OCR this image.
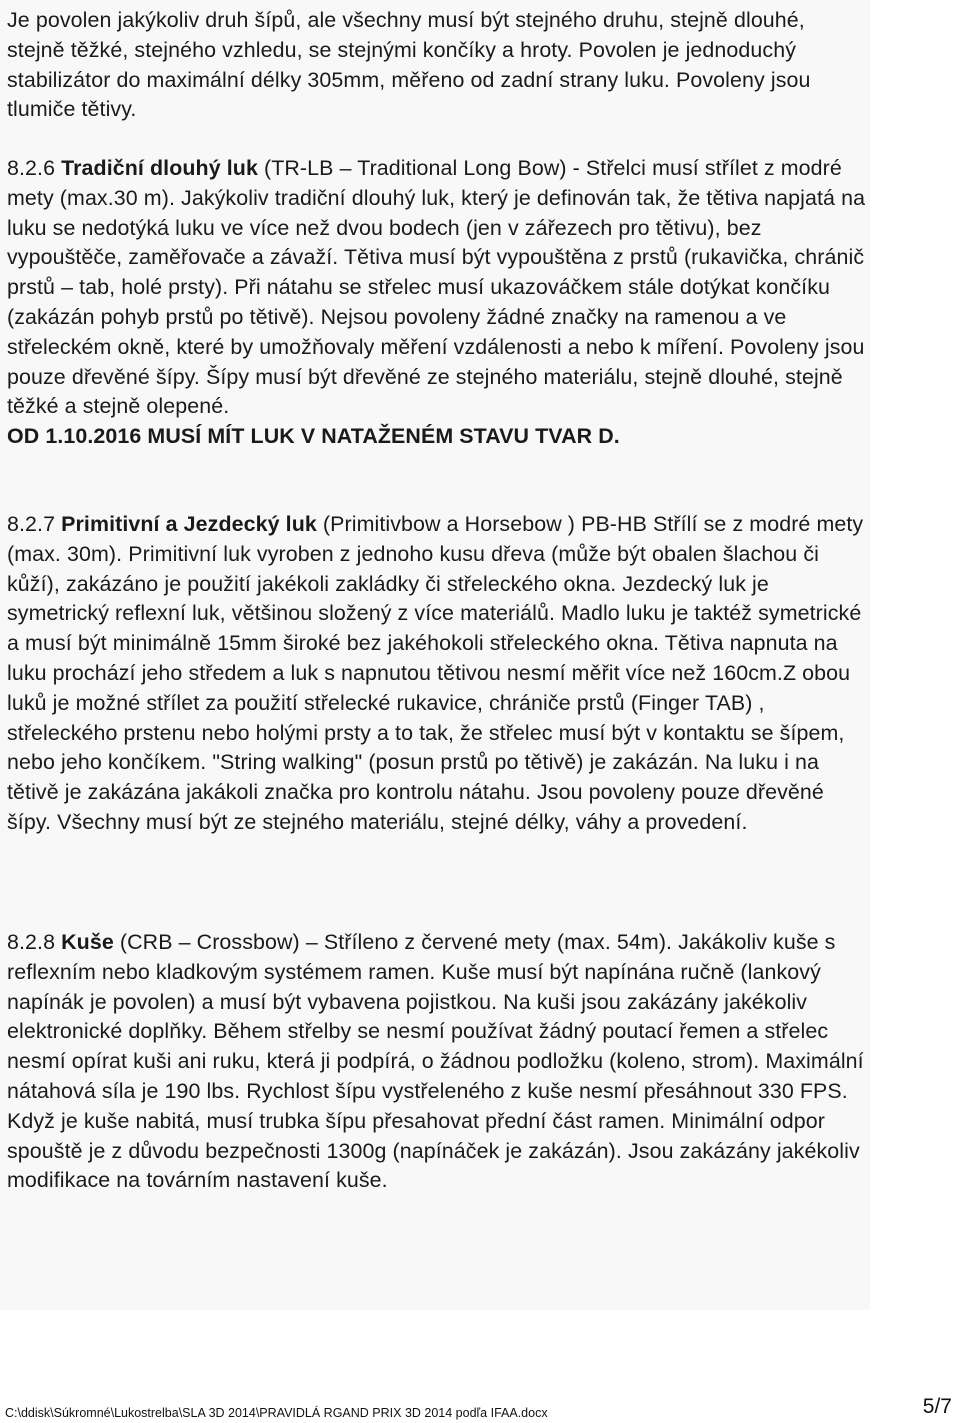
Je povolen jakýkoliv druh šípů, ale všechny musí být stejného druhu, stejně dlouhé, stejně těžké, stejného vzhledu, se stejnými končíky a hroty. Povolen je jednoduchý stabilizátor do maximální délky 305mm, měřeno od zadní strany luku. Povoleny jsou tlumiče tětivy.
8.2.6 Tradiční dlouhý luk (TR-LB – Traditional Long Bow) - Střelci musí střílet z modré mety (max.30 m). Jakýkoliv tradiční dlouhý luk, který je definován tak, že tětiva napjatá na luku se nedotýká luku ve více než dvou bodech (jen v zářezech pro tětivu), bez vypouštěče, zaměřovače a závaží. Tětiva musí být vypouštěna z prstů (rukavička, chránič prstů – tab, holé prsty). Při nátahu se střelec musí ukazováčkem stále dotýkat končíku (zakázán pohyb prstů po tětivě). Nejsou povoleny žádné značky na ramenou a ve střeleckém okně, které by umožňovaly měření vzdálenosti a nebo k míření. Povoleny jsou pouze dřevěné šípy. Šípy musí být dřevěné ze stejného materiálu, stejně dlouhé, stejně těžké a stejně olepené.
OD 1.10.2016 MUSÍ MÍT LUK V NATAŽENÉM STAVU TVAR D.
8.2.7 Primitivní a Jezdecký luk (Primitivbow a Horsebow ) PB-HB Střílí se z modré mety (max. 30m). Primitivní luk vyroben z jednoho kusu dřeva (může být obalen šlachou či kůží), zakázáno je použití jakékoli zakládky či střeleckého okna. Jezdecký luk je symetrický reflexní luk, většinou složený z více materiálů. Madlo luku je taktéž symetrické a musí být minimálně 15mm široké bez jakéhokoli střeleckého okna. Tětiva napnuta na luku prochází jeho středem a luk s napnutou tětivou nesmí měřit více než 160cm.Z obou luků je možné střílet za použití střelecké rukavice, chrániče prstů (Finger TAB) , střeleckého prstenu nebo holými prsty a to tak, že střelec musí být v kontaktu se šípem, nebo jeho končíkem. "String walking" (posun prstů po tětivě) je zakázán. Na luku i na tětivě je zakázána jakákoli značka pro kontrolu nátahu. Jsou povoleny pouze dřevěné šípy. Všechny musí být ze stejného materiálu, stejné délky, váhy a provedení.
8.2.8 Kuše (CRB – Crossbow) – Stříleno z červené mety (max. 54m). Jakákoliv kuše s reflexním nebo kladkovým systémem ramen. Kuše musí být napínána ručně (lankový napínák je povolen) a musí být vybavena pojistkou. Na kuši jsou zakázány jakékoliv elektronické doplňky. Během střelby se nesmí používat žádný poutací řemen a střelec nesmí opírat kuši ani ruku, která ji podpírá, o žádnou podložku (koleno, strom). Maximální nátahová síla je 190 lbs. Rychlost šípu vystřeleného z kuše nesmí přesáhnout 330 FPS. Když je kuše nabitá, musí trubka šípu přesahovat přední část ramen. Minimální odpor spouště je z důvodu bezpečnosti 1300g (napínáček je zakázán). Jsou zakázány jakékoliv modifikace na továrním nastavení kuše.
C:\ddisk\Súkromné\Lukostrelba\SLA 3D 2014\PRAVIDLÁ RGAND PRIX 3D 2014 podľa IFAA.docx	5/7
